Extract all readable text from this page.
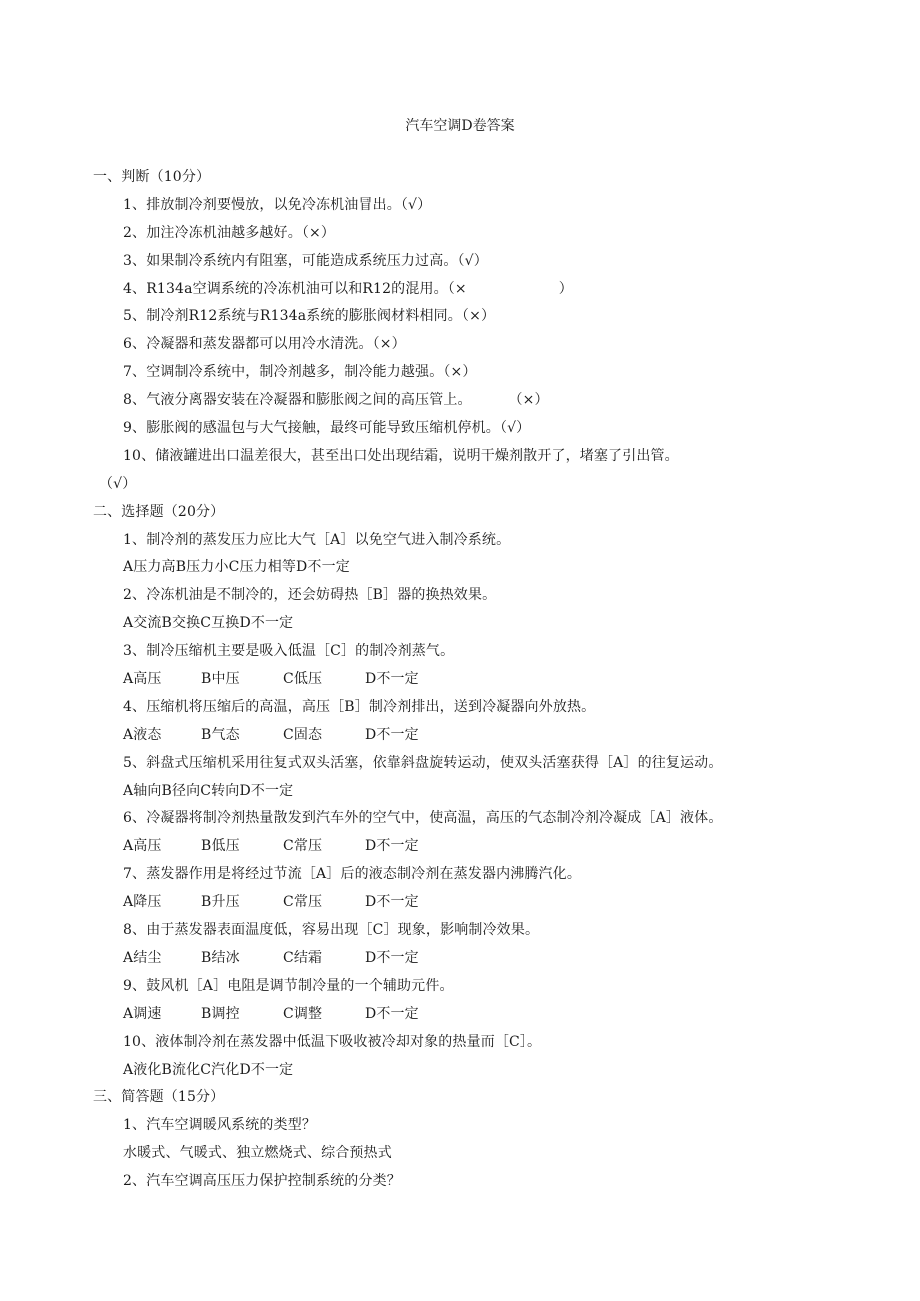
汽车空调D卷答案
一、判断（10分）
1、排放制冷剂要慢放，以免冷冻机油冒出。（√）
2、加注冷冻机油越多越好。（×）
3、如果制冷系统内有阻塞，可能造成系统压力过高。（√）
4、R134a空调系统的冷冻机油可以和R12的混用。（×                    ）
5、制冷剂R12系统与R134a系统的膨胀阀材料相同。（×）
6、冷凝器和蒸发器都可以用冷水清洗。（×）
7、空调制冷系统中，制冷剂越多，制冷能力越强。（×）
8、气液分离器安装在冷凝器和膨胀阀之间的高压管上。        （×）
9、膨胀阀的感温包与大气接触，最终可能导致压缩机停机。（√）
10、储液罐进出口温差很大，甚至出口处出现结霜，说明干燥剂散开了，堵塞了引出管。
（√）
二、选择题（20分）
1、制冷剂的蒸发压力应比大气［A］以免空气进入制冷系统。
A压力高B压力小C压力相等D不一定
2、冷冻机油是不制冷的，还会妨碍热［B］器的换热效果。
A交流B交换C互换D不一定
3、制冷压缩机主要是吸入低温［C］的制冷剂蒸气。
A高压	B中压	C低压	D不一定
4、压缩机将压缩后的高温，高压［B］制冷剂排出，送到冷凝器向外放热。
A液态	B气态	C固态	D不一定
5、斜盘式压缩机采用往复式双头活塞，依靠斜盘旋转运动，使双头活塞获得［A］的往复运动。
A轴向B径向C转向D不一定
6、冷凝器将制冷剂热量散发到汽车外的空气中，使高温，高压的气态制冷剂冷凝成［A］液体。
A高压	B低压	C常压	D不一定
7、蒸发器作用是将经过节流［A］后的液态制冷剂在蒸发器内沸腾汽化。
A降压	B升压	C常压	D不一定
8、由于蒸发器表面温度低，容易出现［C］现象，影响制冷效果。
A结尘	B结冰	C结霜	D不一定
9、鼓风机［A］电阻是调节制冷量的一个辅助元件。
A调速	B调控	C调整	D不一定
10、液体制冷剂在蒸发器中低温下吸收被冷却对象的热量而［C］。
A液化B流化C汽化D不一定
三、简答题（15分）
1、汽车空调暖风系统的类型？
水暖式、气暖式、独立燃烧式、综合预热式
2、汽车空调高压压力保护控制系统的分类？
